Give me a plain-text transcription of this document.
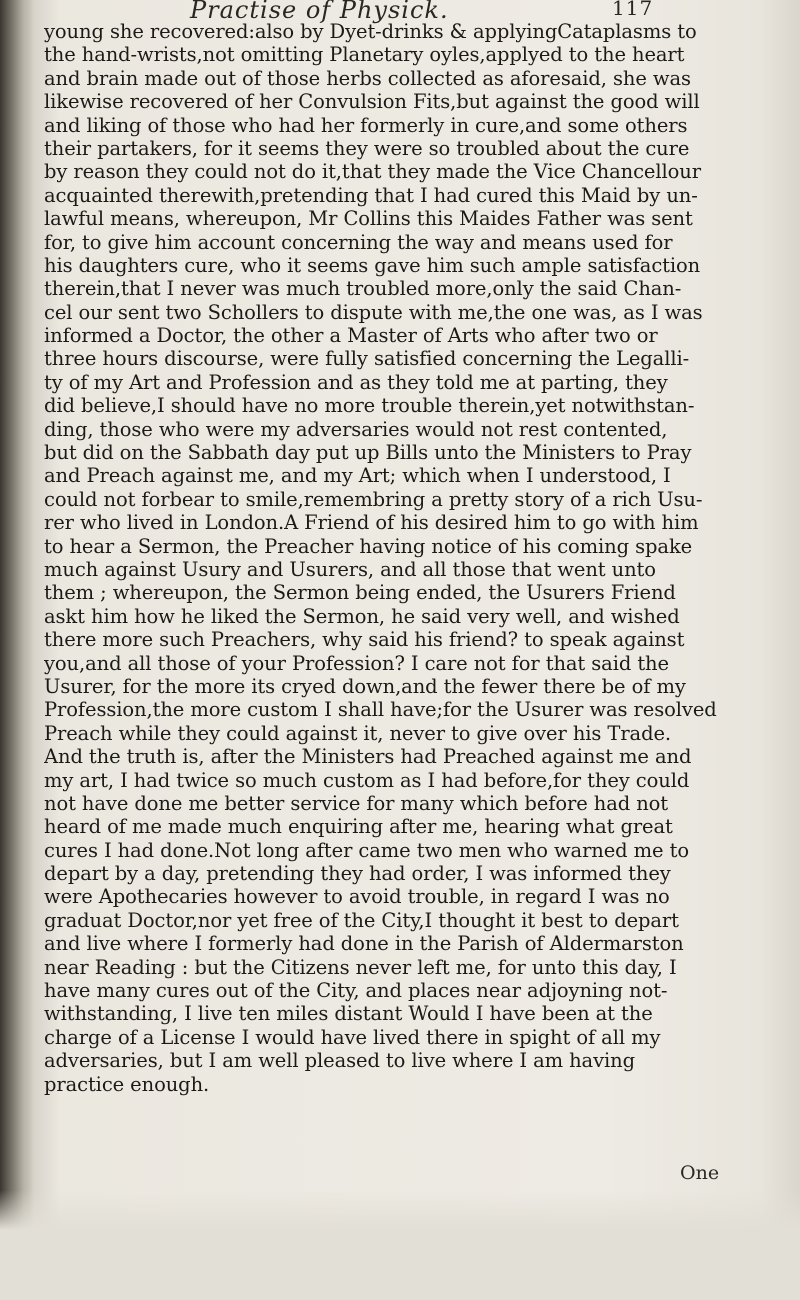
Practise of Physick.	117
young she recovered:also by Dyet-drinks & applyingCataplasms to
the hand-wrists,not omitting Planetary oyles,applyed to the heart
and brain made out of those herbs collected as aforesaid, she was
likewise recovered of her Convulsion Fits,but against the good will
and liking of those who had her formerly in cure,and some others
their partakers, for it seems they were so troubled about the cure
by reason they could not do it,that they made the Vice Chancellour
acquainted therewith,pretending that I had cured this Maid by un-
lawful means, whereupon, Mr Collins this Maides Father was sent
for, to give him account concerning the way and means used for
his daughters cure, who it seems gave him such ample satisfaction
therein,that I never was much troubled more,only the said Chan-
cel our sent two Schollers to dispute with me,the one was, as I was
informed a Doctor, the other a Master of Arts who after two or
three hours discourse, were fully satisfied concerning the Legalli-
ty of my Art and Profession and as they told me at parting, they
did believe,I should have no more trouble therein,yet notwithstan-
ding, those who were my adversaries would not rest contented,
but did on the Sabbath day put up Bills unto the Ministers to Pray
and Preach against me, and my Art; which when I understood, I
could not forbear to smile,remembring a pretty story of a rich Usu-
rer who lived in London.A Friend of his desired him to go with him
to hear a Sermon, the Preacher having notice of his coming spake
much against Usury and Usurers, and all those that went unto
them ; whereupon, the Sermon being ended, the Usurers Friend
askt him how he liked the Sermon, he said very well, and wished
there more such Preachers, why said his friend? to speak against
you,and all those of your Profession? I care not for that said the
Usurer, for the more its cryed down,and the fewer there be of my
Profession,the more custom I shall have;for the Usurer was resolved
Preach while they could against it, never to give over his Trade.
And the truth is, after the Ministers had Preached against me and
my art, I had twice so much custom as I had before,for they could
not have done me better service for many which before had not
heard of me made much enquiring after me, hearing what great
cures I had done.Not long after came two men who warned me to
depart by a day, pretending they had order, I was informed they
were Apothecaries however to avoid trouble, in regard I was no
graduat Doctor,nor yet free of the City,I thought it best to depart
and live where I formerly had done in the Parish of Aldermarston
near Reading : but the Citizens never left me, for unto this day, I
have many cures out of the City, and places near adjoyning not-
withstanding, I live ten miles distant Would I have been at the
charge of a License I would have lived there in spight of all my
adversaries, but I am well pleased to live where I am having
practice enough.
One
